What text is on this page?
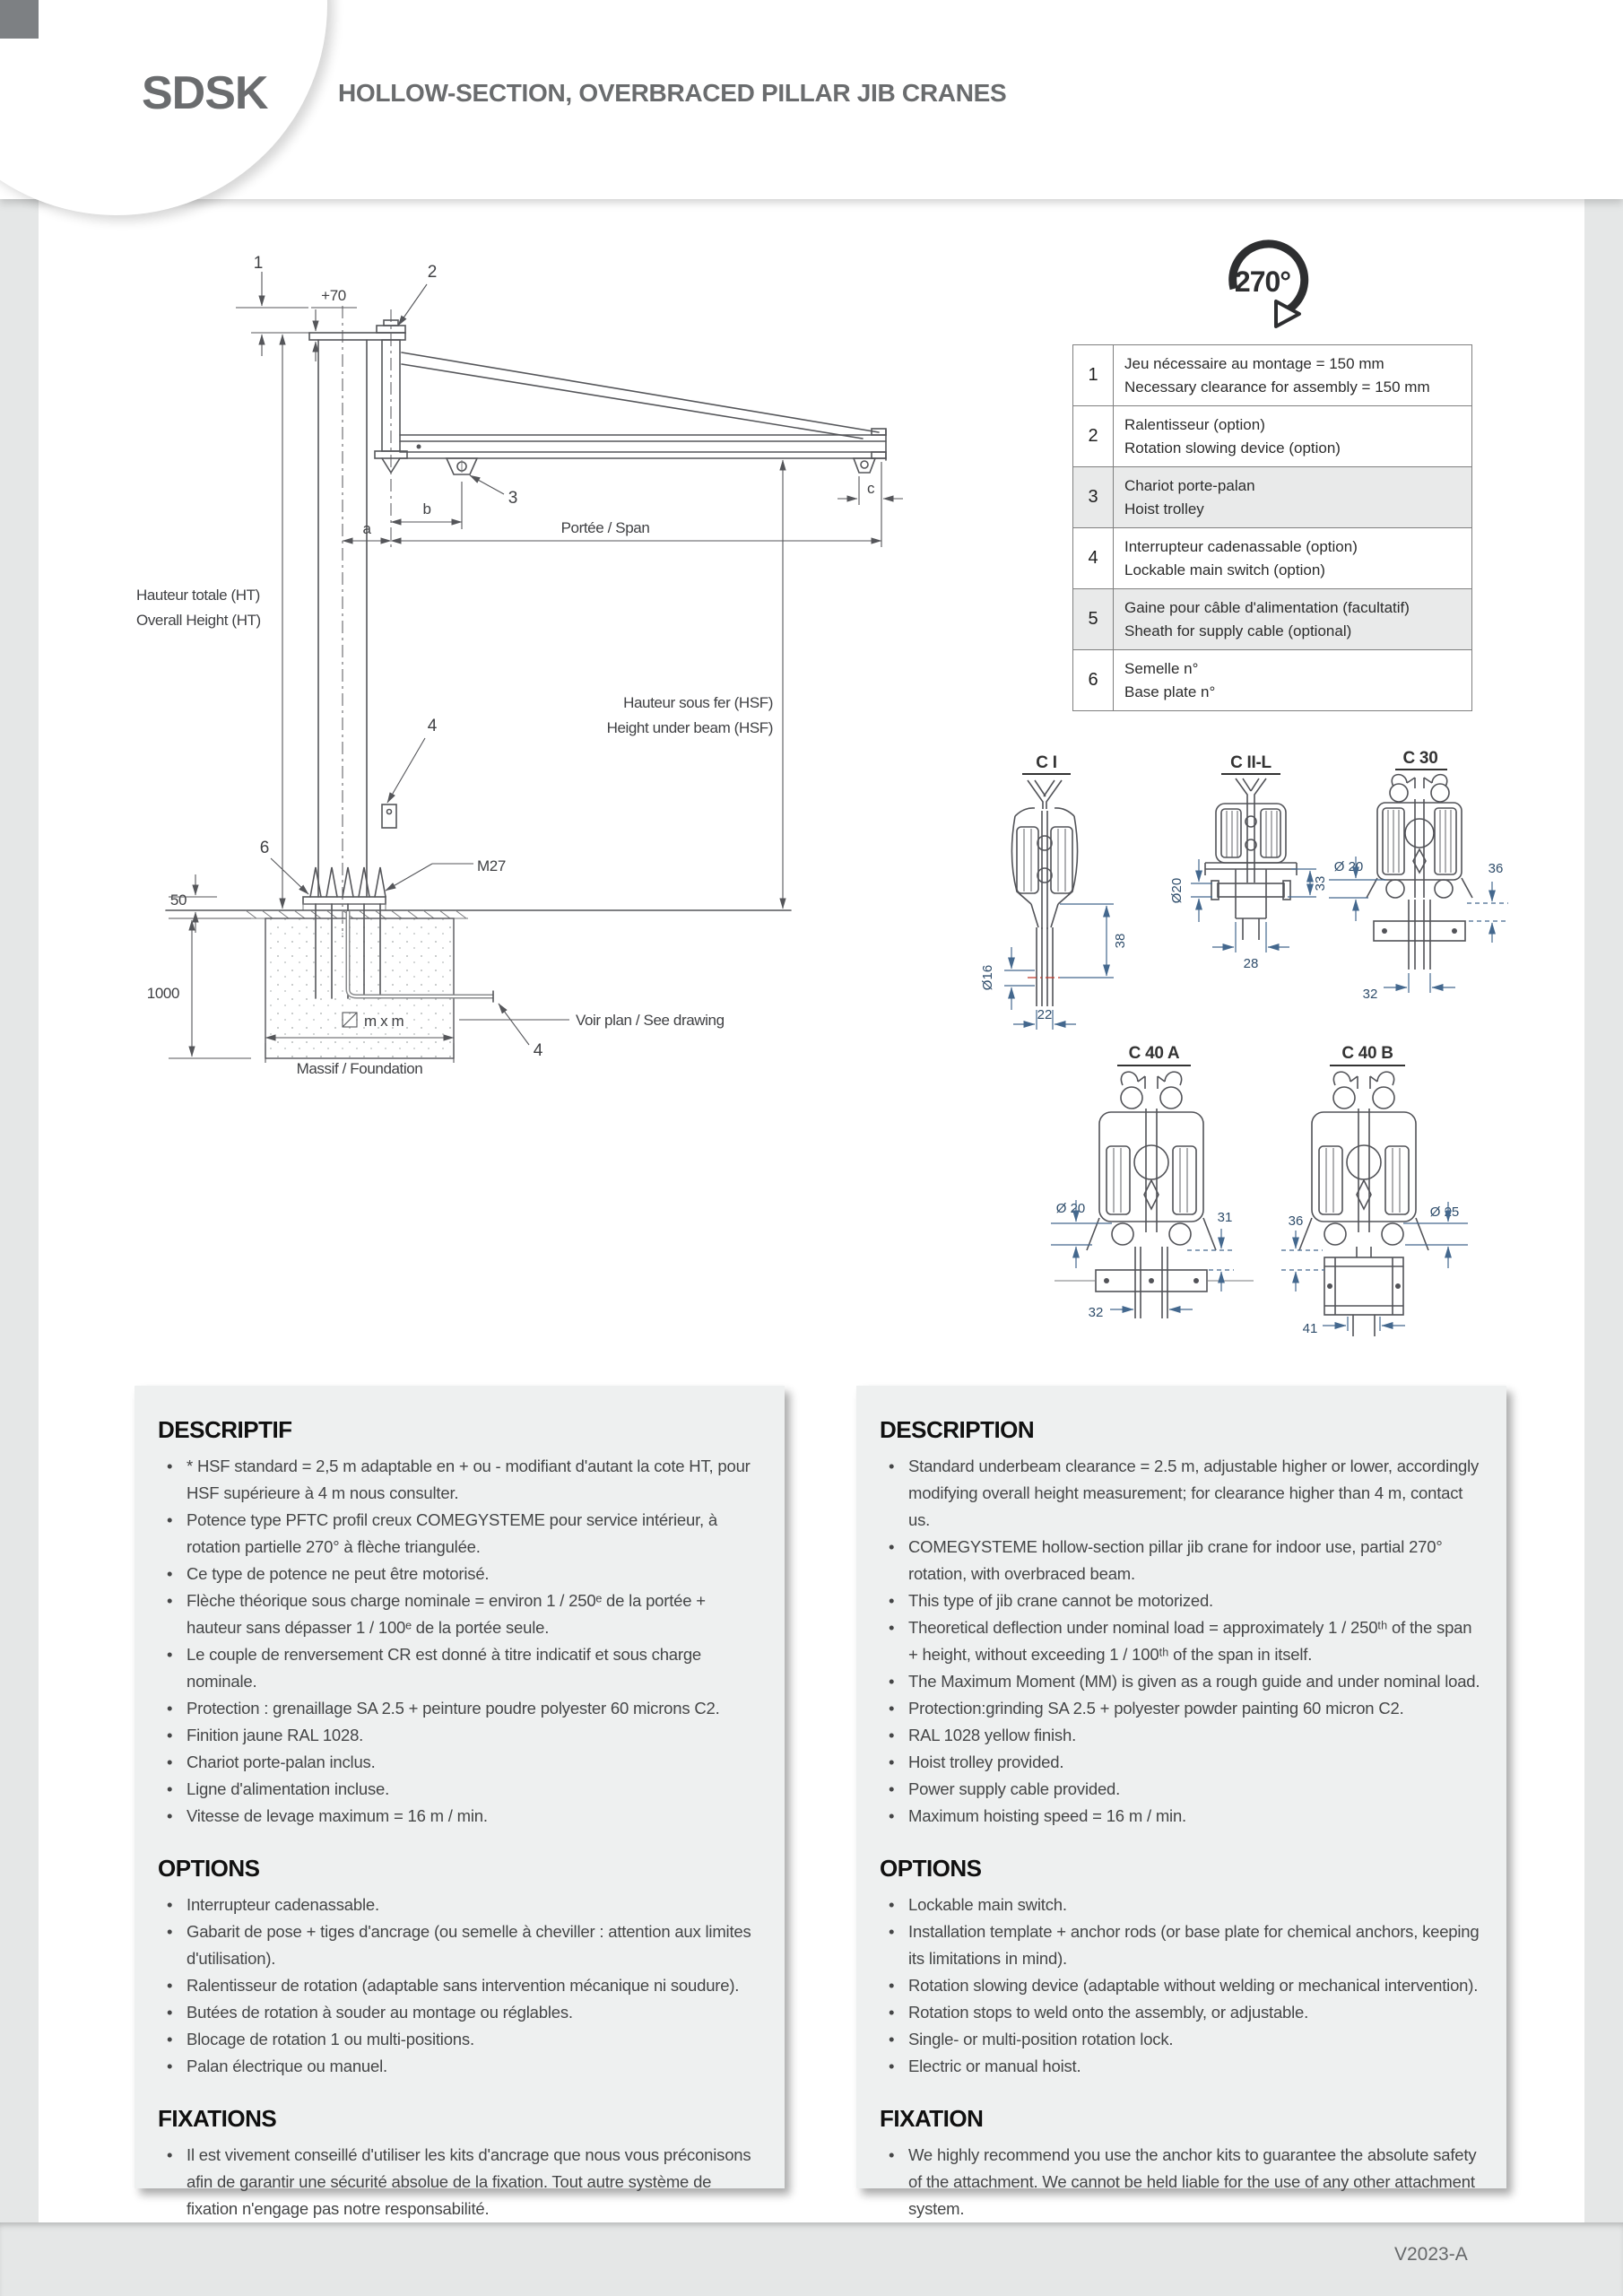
SDSK	HOLLOW-SECTION, OVERBRACED PILLAR JIB CRANES
270°
1
Jeu nécessaire au montage = 150 mm
Necessary clearance for assembly = 150 mm
2
Ralentisseur (option)
Rotation slowing device (option)
3
Chariot porte-palan
Hoist trolley
4
Interrupteur cadenassable (option)
Lockable main switch (option)
5
Gaine pour câble d'alimentation (facultatif)
Sheath for supply cable (optional)
6
Semelle n°
Base plate n°
1
+70
2
3
Hauteur totale (HT)
Overall Height (HT)
Hauteur sous fer (HSF)
Height under beam (HSF)
b
a	Portée / Span
c
4
6
M27
50
1000
m x m
Massif / Foundation
Voir plan / See drawing
4
C I
38
Ø16
22
C II-L
33
Ø20
28
C 30
Ø 20	36
32
C 40 A
Ø 20
31
32
C 40 B
36
Ø 25
41
DESCRIPTIF
• * HSF standard = 2,5 m adaptable en + ou - modifiant d'autant la cote HT, pour HSF supérieure à 4 m nous consulter.
• Potence type PFTC profil creux COMEGYSTEME pour service intérieur, à rotation partielle 270° à flèche triangulée.
• Ce type de potence ne peut être motorisé.
• Flèche théorique sous charge nominale = environ 1 / 250ᵉ de la portée + hauteur sans dépasser 1 / 100ᵉ de la portée seule.
• Le couple de renversement CR est donné à titre indicatif et sous charge nominale.
• Protection : grenaillage SA 2.5 + peinture poudre polyester 60 microns C2.
• Finition jaune RAL 1028.
• Chariot porte-palan inclus.
• Ligne d'alimentation incluse.
• Vitesse de levage maximum = 16 m / min.
OPTIONS
• Interrupteur cadenassable.
• Gabarit de pose + tiges d'ancrage (ou semelle à cheviller : attention aux limites d'utilisation).
• Ralentisseur de rotation (adaptable sans intervention mécanique ni soudure).
• Butées de rotation à souder au montage ou réglables.
• Blocage de rotation 1 ou multi-positions.
• Palan électrique ou manuel.
FIXATIONS
• Il est vivement conseillé d'utiliser les kits d'ancrage que nous vous préconisons afin de garantir une sécurité absolue de la fixation. Tout autre système de fixation n'engage pas notre responsabilité.
DESCRIPTION
• Standard underbeam clearance = 2.5 m, adjustable higher or lower, accordingly modifying overall height measurement; for clearance higher than 4 m, contact us.
• COMEGYSTEME hollow-section pillar jib crane for indoor use, partial 270° rotation, with overbraced beam.
• This type of jib crane cannot be motorized.
• Theoretical deflection under nominal load = approximately 1 / 250ᵗʰ of the span + height, without exceeding 1 / 100ᵗʰ of the span in itself.
• The Maximum Moment (MM) is given as a rough guide and under nominal load.
• Protection:grinding SA 2.5 + polyester powder painting 60 micron C2.
• RAL 1028 yellow finish.
• Hoist trolley provided.
• Power supply cable provided.
• Maximum hoisting speed = 16 m / min.
OPTIONS
• Lockable main switch.
• Installation template + anchor rods (or base plate for chemical anchors, keeping its limitations in mind).
• Rotation slowing device (adaptable without welding or mechanical intervention).
• Rotation stops to weld onto the assembly, or adjustable.
• Single- or multi-position rotation lock.
• Electric or manual hoist.
FIXATION
• We highly recommend you use the anchor kits to guarantee the absolute safety of the attachment. We cannot be held liable for the use of any other attachment system.
V2023-A
